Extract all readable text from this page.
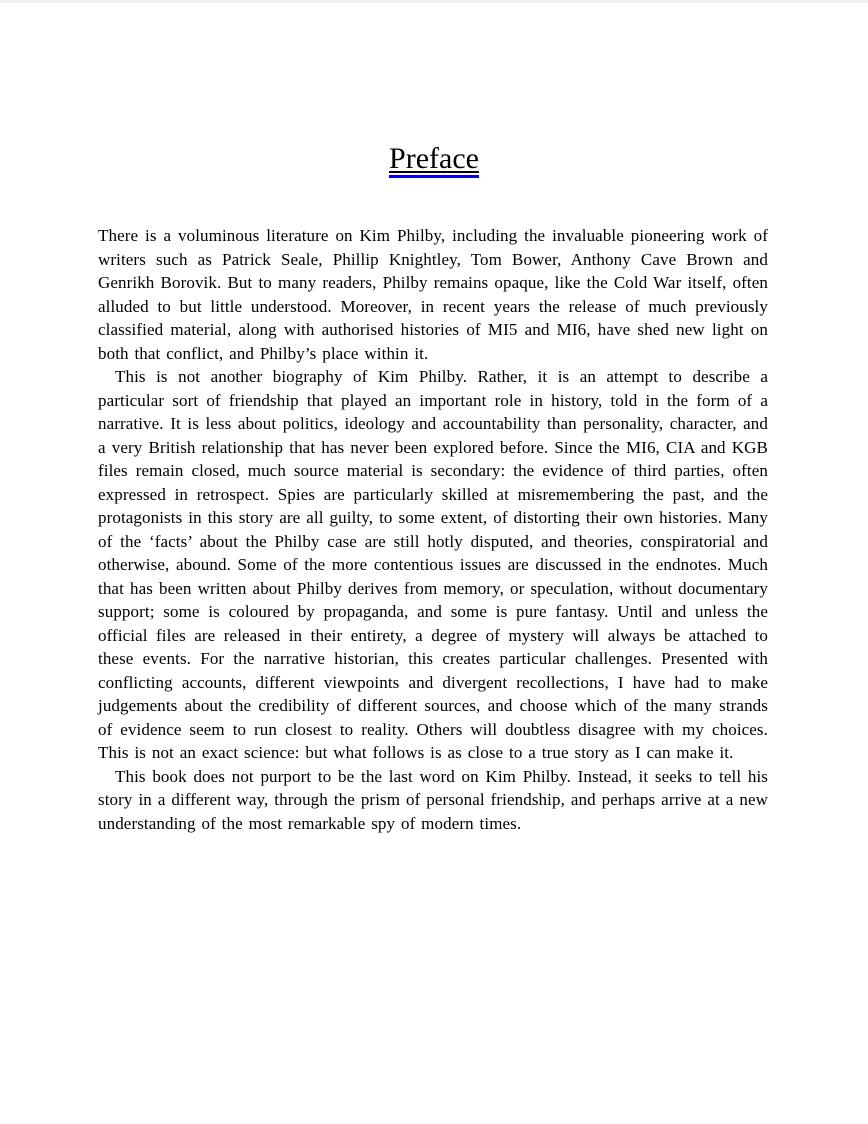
Preface

There is a voluminous literature on Kim Philby, including the invaluable pioneering work of writers such as Patrick Seale, Phillip Knightley, Tom Bower, Anthony Cave Brown and Genrikh Borovik. But to many readers, Philby remains opaque, like the Cold War itself, often alluded to but little understood. Moreover, in recent years the release of much previously classified material, along with authorised histories of MI5 and MI6, have shed new light on both that conflict, and Philby’s place within it.

This is not another biography of Kim Philby. Rather, it is an attempt to describe a particular sort of friendship that played an important role in history, told in the form of a narrative. It is less about politics, ideology and accountability than personality, character, and a very British relationship that has never been explored before. Since the MI6, CIA and KGB files remain closed, much source material is secondary: the evidence of third parties, often expressed in retrospect. Spies are particularly skilled at misremembering the past, and the protagonists in this story are all guilty, to some extent, of distorting their own histories. Many of the ‘facts’ about the Philby case are still hotly disputed, and theories, conspiratorial and otherwise, abound. Some of the more contentious issues are discussed in the endnotes. Much that has been written about Philby derives from memory, or speculation, without documentary support; some is coloured by propaganda, and some is pure fantasy. Until and unless the official files are released in their entirety, a degree of mystery will always be attached to these events. For the narrative historian, this creates particular challenges. Presented with conflicting accounts, different viewpoints and divergent recollections, I have had to make judgements about the credibility of different sources, and choose which of the many strands of evidence seem to run closest to reality. Others will doubtless disagree with my choices. This is not an exact science: but what follows is as close to a true story as I can make it.

This book does not purport to be the last word on Kim Philby. Instead, it seeks to tell his story in a different way, through the prism of personal friendship, and perhaps arrive at a new understanding of the most remarkable spy of modern times.
